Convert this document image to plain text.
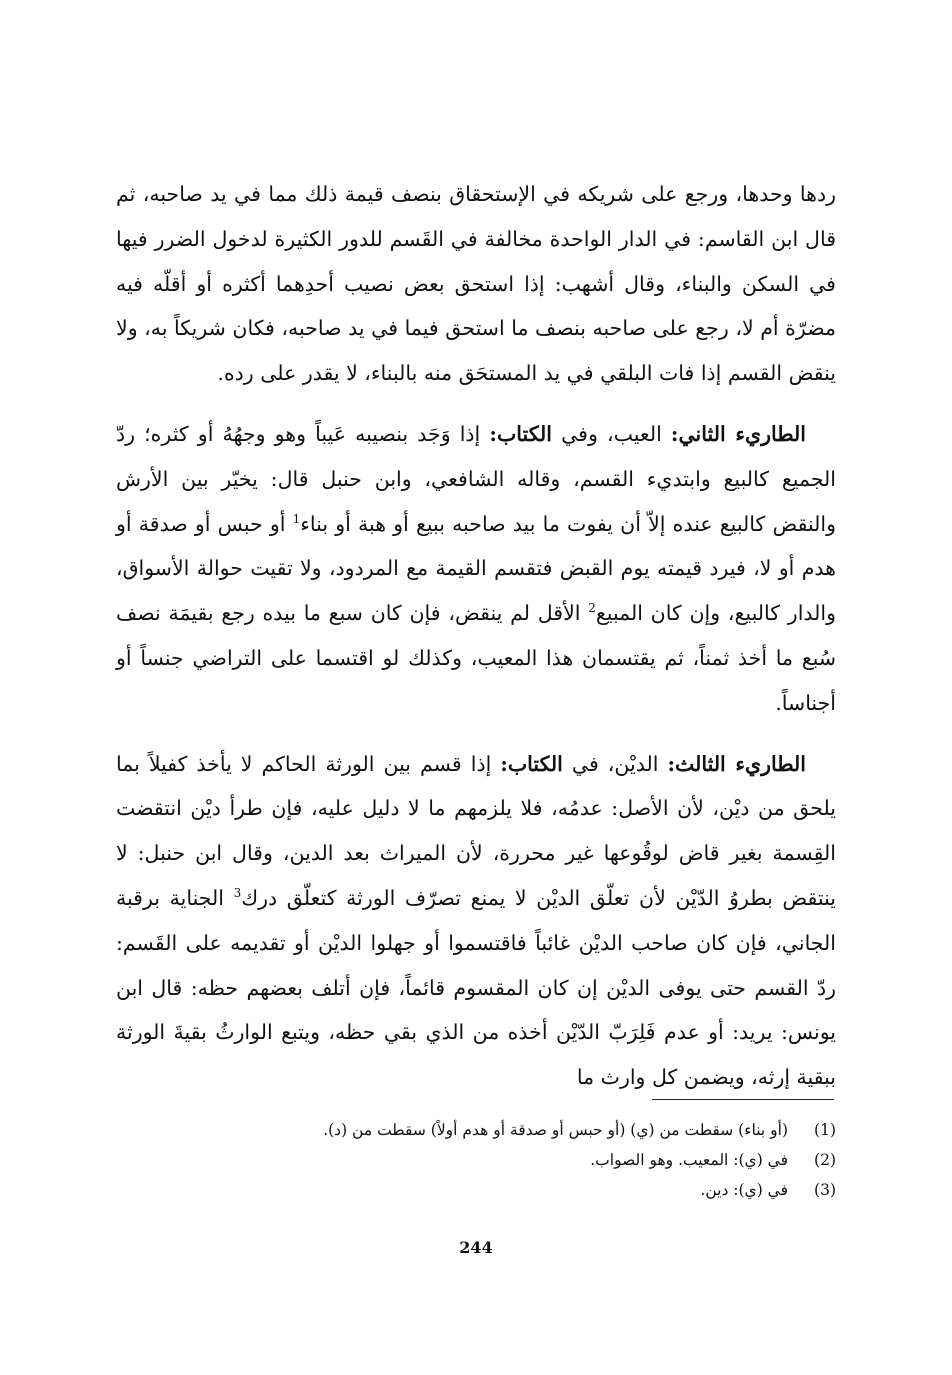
ردها وحدها، ورجع على شريكه في الإستحقاق بنصف قيمة ذلك مما في يد صاحبه، ثم قال ابن القاسم: في الدار الواحدة مخالفة في القَسم للدور الكثيرة لدخول الضرر فيها في السكن والبناء، وقال أشهب: إذا استحق بعض نصيب أحدِهما أكثره أو أقلّه فيه مضرّة أم لا، رجع على صاحبه بنصف ما استحق فيما في يد صاحبه، فكان شريكاً به، ولا ينقض القسم إذا فات البلقي في يد المستحَق منه بالبناء، لا يقدر على رده.

الطاريء الثاني: العيب، وفي الكتاب: إذا وَجَد بنصيبه عَيباً وهو وجهُهُ أو كثره؛ ردّ الجميع كالبيع وابتديء القسم، وقاله الشافعي، وابن حنبل قال: يخيّر بين الأرش والنقض كالبيع عنده إلاّ أن يفوت ما بيد صاحبه ببيع أو هبة أو بناء$^1$ أو حبس أو صدقة أو هدم أو لا، فيرد قيمته يوم القبض فتقسم القيمة مع المردود، ولا تقيت حوالة الأسواق، والدار كالبيع، وإن كان المبيع$^2$ الأقل لم ينقض، فإن كان سبع ما بيده رجع بقيمَة نصف سُبع ما أخذ ثمناً، ثم يقتسمان هذا المعيب، وكذلك لو اقتسما على التراضي جنساً أو أجناساً.

الطاريء الثالث: الديْن، في الكتاب: إذا قسم بين الورثة الحاكم لا يأخذ كفيلاً بما يلحق من ديْن، لأن الأصل: عدمُه، فلا يلزمهم ما لا دليل عليه، فإن طرأ ديْن انتقضت القِسمة بغير قاض لوقُوعها غير محررة، لأن الميراث بعد الدين، وقال ابن حنبل: لا ينتقض بطروُ الدّيْن لأن تعلّق الديْن لا يمنع تصرّف الورثة كتعلّق درك$^3$ الجناية برقبة الجاني، فإن كان صاحب الديْن غائباً فاقتسموا أو جهلوا الديْن أو تقديمه على القَسم: ردّ القسم حتى يوفى الديْن إن كان المقسوم قائماً، فإن أتلف بعضهم حظه: قال ابن يونس: يريد: أو عدم فَلِرَبّ الدّيْن أخذه من الذي بقي حظه، ويتبع الوارثُ بقيةَ الورثة ببقية إرثه، ويضمن كل وارث ما

(1)
(أو بناء) سقطت من (ي) (أو حبس أو صدقة أو هدم أولاً) سقطت من (د).
(2)
في (ي): المعيب. وهو الصواب.
(3)
في (ي): دين.
244
